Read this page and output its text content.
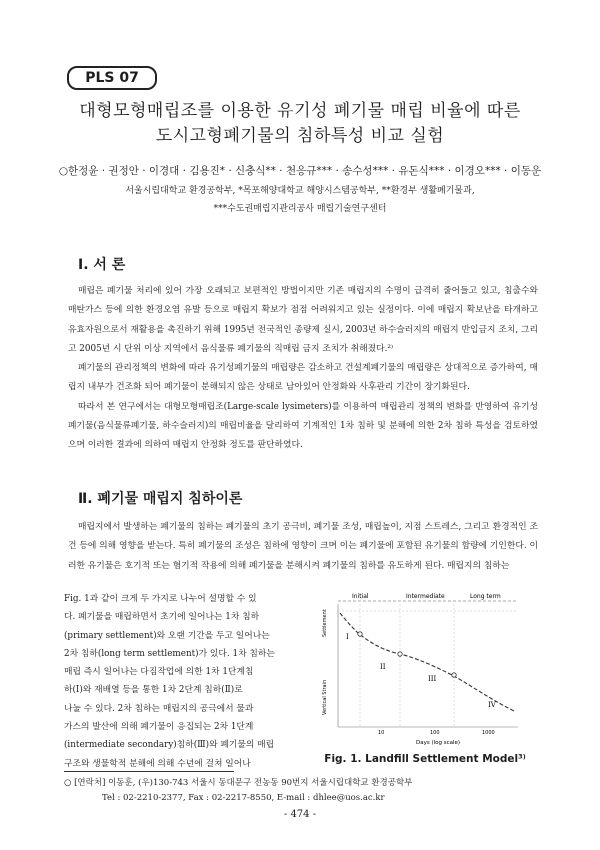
PLS 07
대형모형매립조를 이용한 유기성 폐기물 매립 비율에 따른
도시고형폐기물의 침하특성 비교 실험
○한정윤 · 권정안 · 이경대 · 김용진* · 신충식** · 천응규*** · 송수성*** · 유돈식*** · 이경오*** · 이동운
서울시립대학교 환경공학부, *목포해양대학교 해양시스템공학부, **환경부 생활폐기물과,
***수도권매립지관리공사 매립기술연구센터
Ⅰ. 서 론

매립은 폐기물 처리에 있어 가장 오래되고 보편적인 방법이지만 기존 매립지의 수명이 급격히 줄어들고 있고, 침출수와 매탄가스 등에 의한 환경오염 유발 등으로 매립지 확보가 점점 어려워지고 있는 실정이다. 이에 매립지 확보난을 타개하고 유효자원으로서 재활용을 촉진하기 위해 1995년 전국적인 종량제 실시, 2003년 하수슬러지의 매립지 반입금지 조치, 그리고 2005년 시 단위 이상 지역에서 음식물류 폐기물의 직매립 금지 조치가 취해졌다.²⁾

폐기물의 관리정책의 변화에 따라 유기성폐기물의 매립량은 감소하고 건설계폐기물의 매립량은 상대적으로 증가하여, 매립지 내부가 건조화 되어 폐기물이 분해되지 않은 상태로 남아있어 안정화와 사후관리 기간이 장기화된다.

따라서 본 연구에서는 대형모형매립조(Large-scale lysimeters)를 이용하여 매립관리 정책의 변화를 반영하여 유기성 폐기물(음식물류폐기물, 하수슬러지)의 매립비율을 달리하여 기계적인 1차 침하 및 분해에 의한 2차 침하 특성을 검토하였으며 이러한 결과에 의하여 매립지 안정화 정도를 판단하였다.

Ⅱ. 폐기물 매립지 침하이론

매립지에서 발생하는 폐기물의 침하는 폐기물의 초기 공극비, 폐기물 조성, 매립높이, 지점 스트레스, 그리고 환경적인 조건 등에 의해 영향을 받는다. 특히 폐기물의 조성은 침하에 영향이 크며 이는 폐기물에 포함된 유기물의 함량에 기인한다. 이러한 유기물은 호기적 또는 혐기적 작용에 의해 폐기물을 분해시켜 폐기물의 침하를 유도하게 된다. 매립지의 침하는

Fig. 1과 같이 크게 두 가지로 나누어 설명할 수 있
다. 폐기물을 매립하면서 초기에 일어나는 1차 침하
(primary settlement)와 오랜 기간을 두고 일어나는
2차 침하(long term settlement)가 있다. 1차 침하는
매립 즉시 일어나는 다짐작업에 의한 1차 1단계침
하(Ⅰ)와 재배열 등을 통한 1차 2단계 침하(Ⅱ)로
나눌 수 있다. 2차 침하는 매립지의 공극에서 물과
가스의 발산에 의해 폐기물이 응집되는 2차 1단계
(intermediate secondary)침하(Ⅲ)와 폐기물의 매립
구조와 생물학적 분해에 의해 수년에 걸쳐 일어나
Initial	Intermediate	Long term
I
II
III
IV
Settlement
Vertical Strain
10	100	1000
Days (log scale)
Fig. 1. Landfill Settlement Model³⁾
○ [연락처] 이동훈, (우)130-743 서울시 동대문구 전농동 90번지 서울시립대학교 환경공학부
Tel : 02-2210-2377, Fax : 02-2217-8550, E-mail : dhlee@uos.ac.kr
- 474 -
